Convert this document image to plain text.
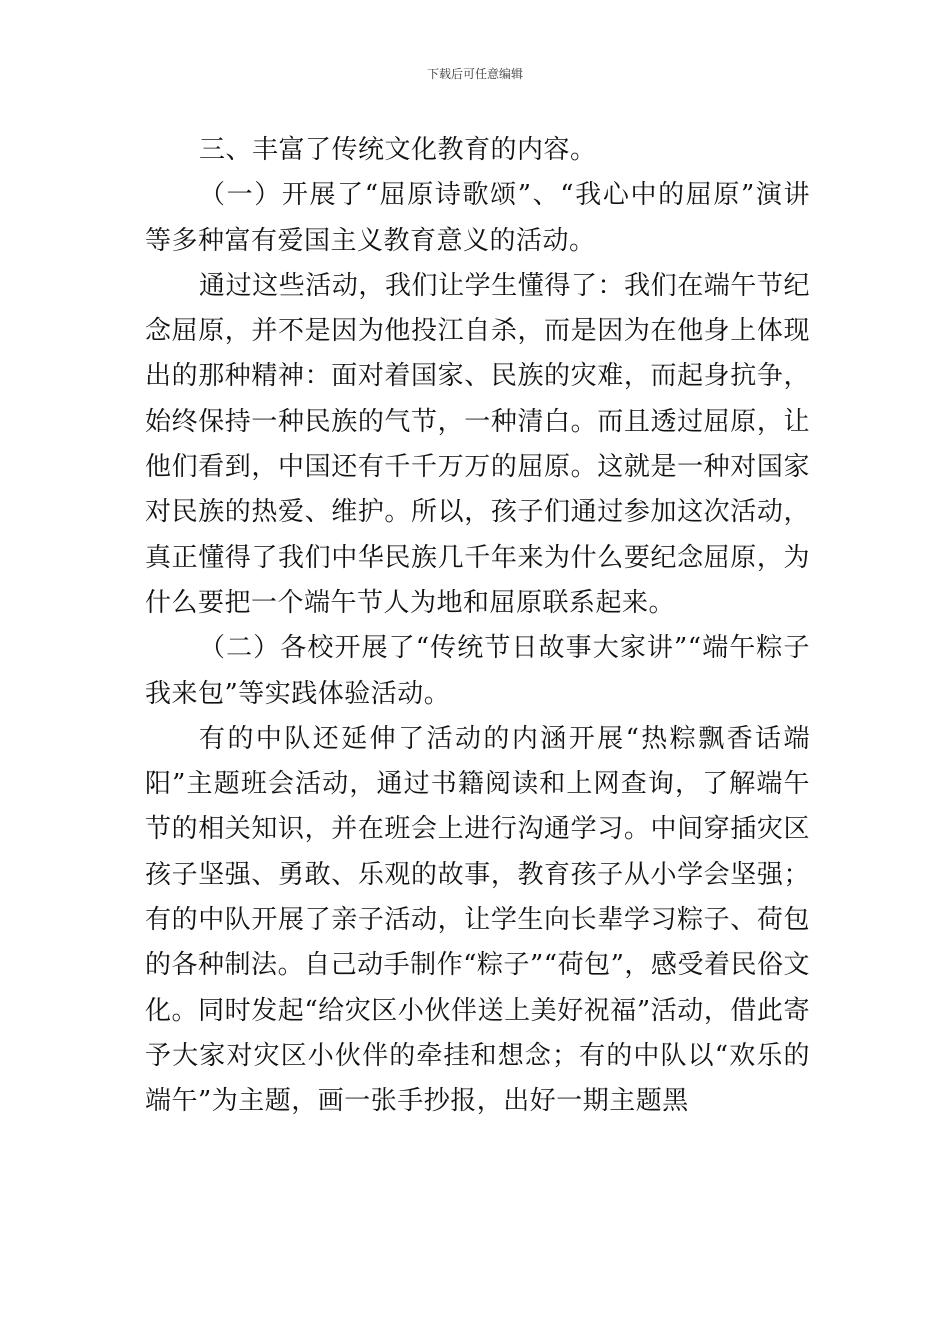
下载后可任意编辑

三、丰富了传统文化教育的内容。

（一）开展了“屈原诗歌颂”、“我心中的屈原”演讲等多种富有爱国主义教育意义的活动。

通过这些活动，我们让学生懂得了：我们在端午节纪念屈原，并不是因为他投江自杀，而是因为在他身上体现出的那种精神：面对着国家、民族的灾难，而起身抗争，始终保持一种民族的气节，一种清白。而且透过屈原，让他们看到，中国还有千千万万的屈原。这就是一种对国家对民族的热爱、维护。所以，孩子们通过参加这次活动，真正懂得了我们中华民族几千年来为什么要纪念屈原，为什么要把一个端午节人为地和屈原联系起来。

（二）各校开展了“传统节日故事大家讲”“端午粽子我来包”等实践体验活动。

有的中队还延伸了活动的内涵开展“热粽飘香话端阳”主题班会活动，通过书籍阅读和上网查询，了解端午节的相关知识，并在班会上进行沟通学习。中间穿插灾区孩子坚强、勇敢、乐观的故事，教育孩子从小学会坚强；有的中队开展了亲子活动，让学生向长辈学习粽子、荷包的各种制法。自己动手制作“粽子”“荷包”，感受着民俗文化。同时发起“给灾区小伙伴送上美好祝福”活动，借此寄予大家对灾区小伙伴的牵挂和想念；有的中队以“欢乐的端午”为主题，画一张手抄报，出好一期主题黑
